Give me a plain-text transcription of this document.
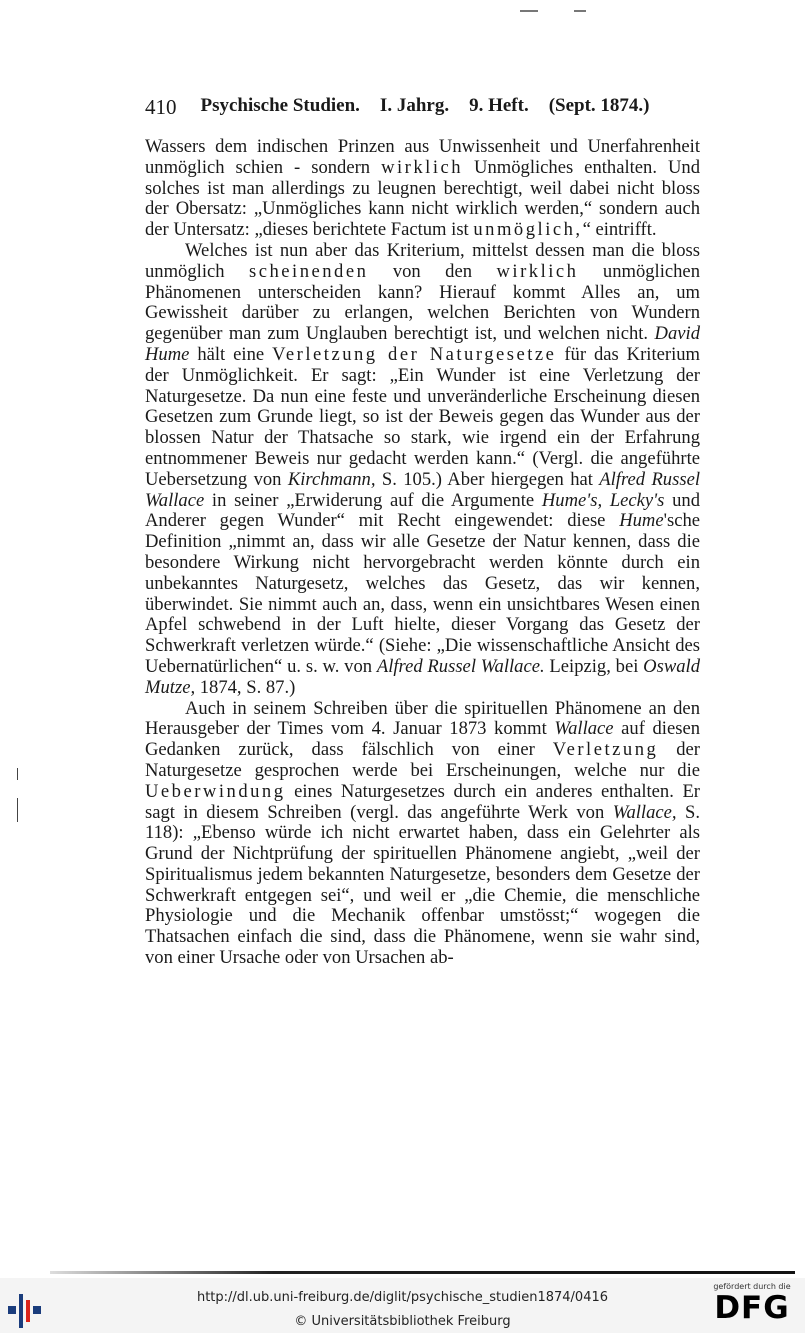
410 Psychische Studien. I. Jahrg. 9. Heft. (Sept. 1874.)

Wassers dem indischen Prinzen aus Unwissenheit und Unerfahrenheit unmöglich schien - sondern wirklich Unmögliches enthalten. Und solches ist man allerdings zu leugnen berechtigt, weil dabei nicht bloss der Obersatz: „Unmögliches kann nicht wirklich werden,“ sondern auch der Untersatz: „dieses berichtete Factum ist unmöglich,“ eintrifft.

Welches ist nun aber das Kriterium, mittelst dessen man die bloss unmöglich scheinenden von den wirklich unmöglichen Phänomenen unterscheiden kann? Hierauf kommt Alles an, um Gewissheit darüber zu erlangen, welchen Berichten von Wundern gegenüber man zum Unglauben berechtigt ist, und welchen nicht. David Hume hält eine Verletzung der Naturgesetze für das Kriterium der Unmöglichkeit. Er sagt: „Ein Wunder ist eine Verletzung der Naturgesetze. Da nun eine feste und unveränderliche Erscheinung diesen Gesetzen zum Grunde liegt, so ist der Beweis gegen das Wunder aus der blossen Natur der Thatsache so stark, wie irgend ein der Erfahrung entnommener Beweis nur gedacht werden kann.“ (Vergl. die angeführte Uebersetzung von Kirchmann, S. 105.) Aber hiergegen hat Alfred Russel Wallace in seiner „Erwiderung auf die Argumente Hume's, Lecky's und Anderer gegen Wunder“ mit Recht eingewendet: diese Hume'sche Definition „nimmt an, dass wir alle Gesetze der Natur kennen, dass die besondere Wirkung nicht hervorgebracht werden könnte durch ein unbekanntes Naturgesetz, welches das Gesetz, das wir kennen, überwindet. Sie nimmt auch an, dass, wenn ein unsichtbares Wesen einen Apfel schwebend in der Luft hielte, dieser Vorgang das Gesetz der Schwerkraft verletzen würde.“ (Siehe: „Die wissenschaftliche Ansicht des Uebernatürlichen“ u. s. w. von Alfred Russel Wallace. Leipzig, bei Oswald Mutze, 1874, S. 87.)

Auch in seinem Schreiben über die spirituellen Phänomene an den Herausgeber der Times vom 4. Januar 1873 kommt Wallace auf diesen Gedanken zurück, dass fälschlich von einer Verletzung der Naturgesetze gesprochen werde bei Erscheinungen, welche nur die Ueberwindung eines Naturgesetzes durch ein anderes enthalten. Er sagt in diesem Schreiben (vergl. das angeführte Werk von Wallace, S. 118): „Ebenso würde ich nicht erwartet haben, dass ein Gelehrter als Grund der Nichtprüfung der spirituellen Phänomene angiebt, „weil der Spiritualismus jedem bekannten Naturgesetze, besonders dem Gesetze der Schwerkraft entgegen sei“, und weil er „die Chemie, die menschliche Physiologie und die Mechanik offenbar umstösst;“ wogegen die Thatsachen einfach die sind, dass die Phänomene, wenn sie wahr sind, von einer Ursache oder von Ursachen ab-

http://dl.ub.uni-freiburg.de/diglit/psychische_studien1874/0416
© Universitätsbibliothek Freiburg
gefördert durch die
DFG
